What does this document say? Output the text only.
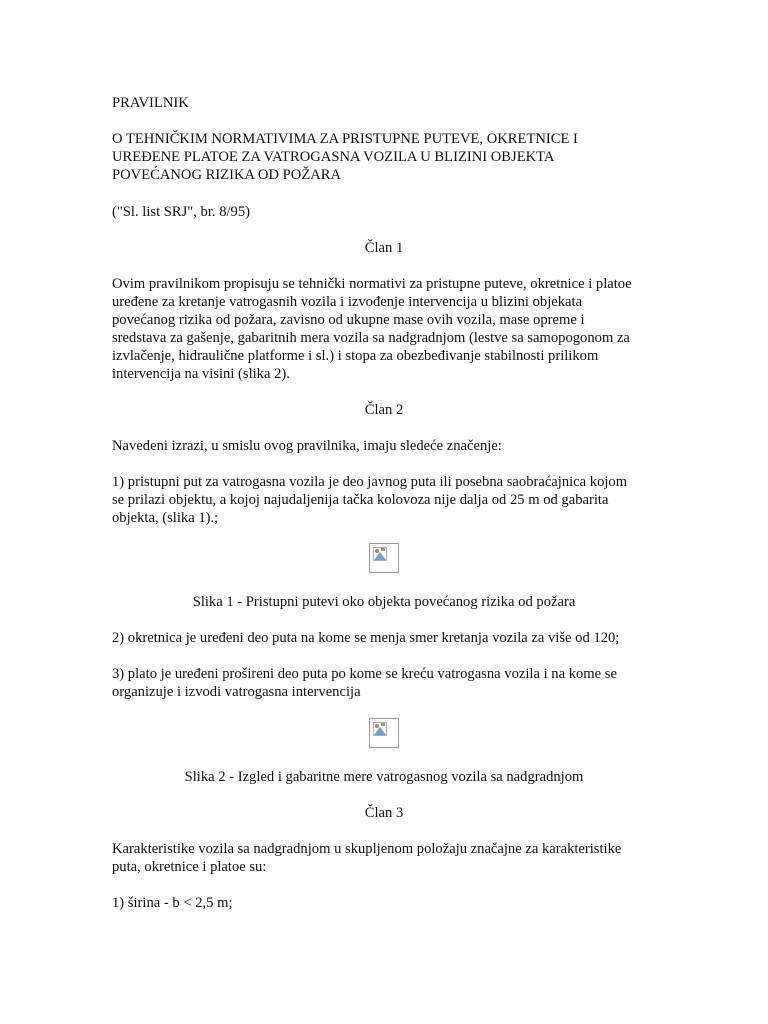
PRAVILNIK
O TEHNIČKIM NORMATIVIMA ZA PRISTUPNE PUTEVE, OKRETNICE I
UREĐENE PLATOE ZA VATROGASNA VOZILA U BLIZINI OBJEKTA
POVEĆANOG RIZIKA OD POŽARA
("Sl. list SRJ", br. 8/95)
Član 1
Ovim pravilnikom propisuju se tehnički normativi za pristupne puteve, okretnice i platoe
uređene za kretanje vatrogasnih vozila i izvođenje intervencija u blizini objekata
povećanog rizika od požara, zavisno od ukupne mase ovih vozila, mase opreme i
sredstava za gašenje, gabaritnih mera vozila sa nadgradnjom (lestve sa samopogonom za
izvlačenje, hidraulične platforme i sl.) i stopa za obezbeđivanje stabilnosti prilikom
intervencija na visini (slika 2).
Član 2
Navedeni izrazi, u smislu ovog pravilnika, imaju sledeće značenje:
1) pristupni put za vatrogasna vozila je deo javnog puta ili posebna saobraćajnica kojom
se prilazi objektu, a kojoj najudaljenija tačka kolovoza nije dalja od 25 m od gabarita
objekta, (slika 1).;
Slika 1 - Pristupni putevi oko objekta povećanog rizika od požara
2) okretnica je uređeni deo puta na kome se menja smer kretanja vozila za više od 120;
3) plato je uređeni prošireni deo puta po kome se kreću vatrogasna vozila i na kome se
organizuje i izvodi vatrogasna intervencija
Slika 2 - Izgled i gabaritne mere vatrogasnog vozila sa nadgradnjom
Član 3
Karakteristike vozila sa nadgradnjom u skupljenom položaju značajne za karakteristike
puta, okretnice i platoe su:
1) širina - b < 2,5 m;
